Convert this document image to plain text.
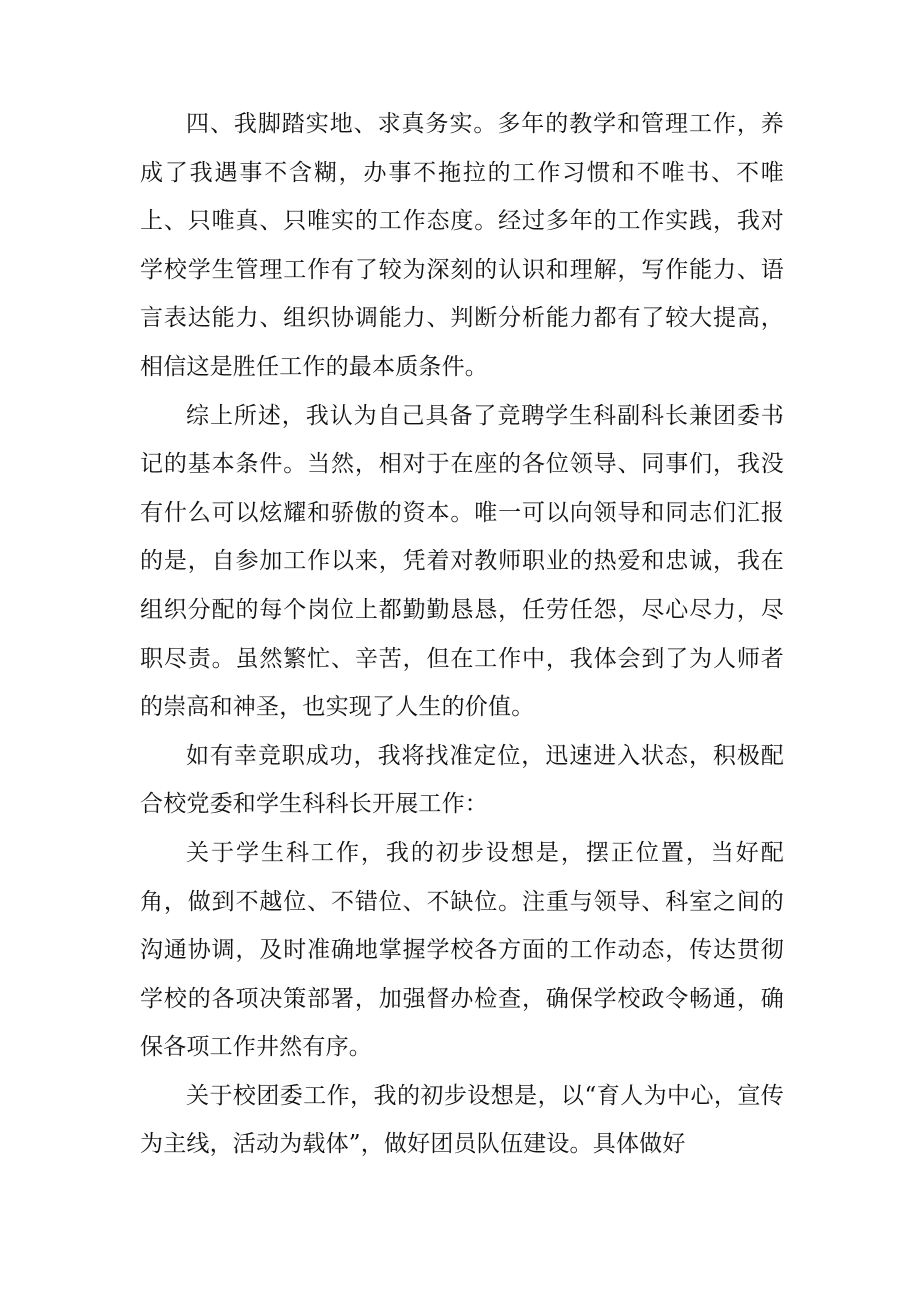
四、我脚踏实地、求真务实。多年的教学和管理工作，养成了我遇事不含糊，办事不拖拉的工作习惯和不唯书、不唯上、只唯真、只唯实的工作态度。经过多年的工作实践，我对学校学生管理工作有了较为深刻的认识和理解，写作能力、语言表达能力、组织协调能力、判断分析能力都有了较大提高，相信这是胜任工作的最本质条件。

综上所述，我认为自己具备了竞聘学生科副科长兼团委书记的基本条件。当然，相对于在座的各位领导、同事们，我没有什么可以炫耀和骄傲的资本。唯一可以向领导和同志们汇报的是，自参加工作以来，凭着对教师职业的热爱和忠诚，我在组织分配的每个岗位上都勤勤恳恳，任劳任怨，尽心尽力，尽职尽责。虽然繁忙、辛苦，但在工作中，我体会到了为人师者的崇高和神圣，也实现了人生的价值。

如有幸竞职成功，我将找准定位，迅速进入状态，积极配合校党委和学生科科长开展工作：

关于学生科工作，我的初步设想是，摆正位置，当好配角，做到不越位、不错位、不缺位。注重与领导、科室之间的沟通协调，及时准确地掌握学校各方面的工作动态，传达贯彻学校的各项决策部署，加强督办检查，确保学校政令畅通，确保各项工作井然有序。

关于校团委工作，我的初步设想是，以“育人为中心，宣传为主线，活动为载体”，做好团员队伍建设。具体做好
